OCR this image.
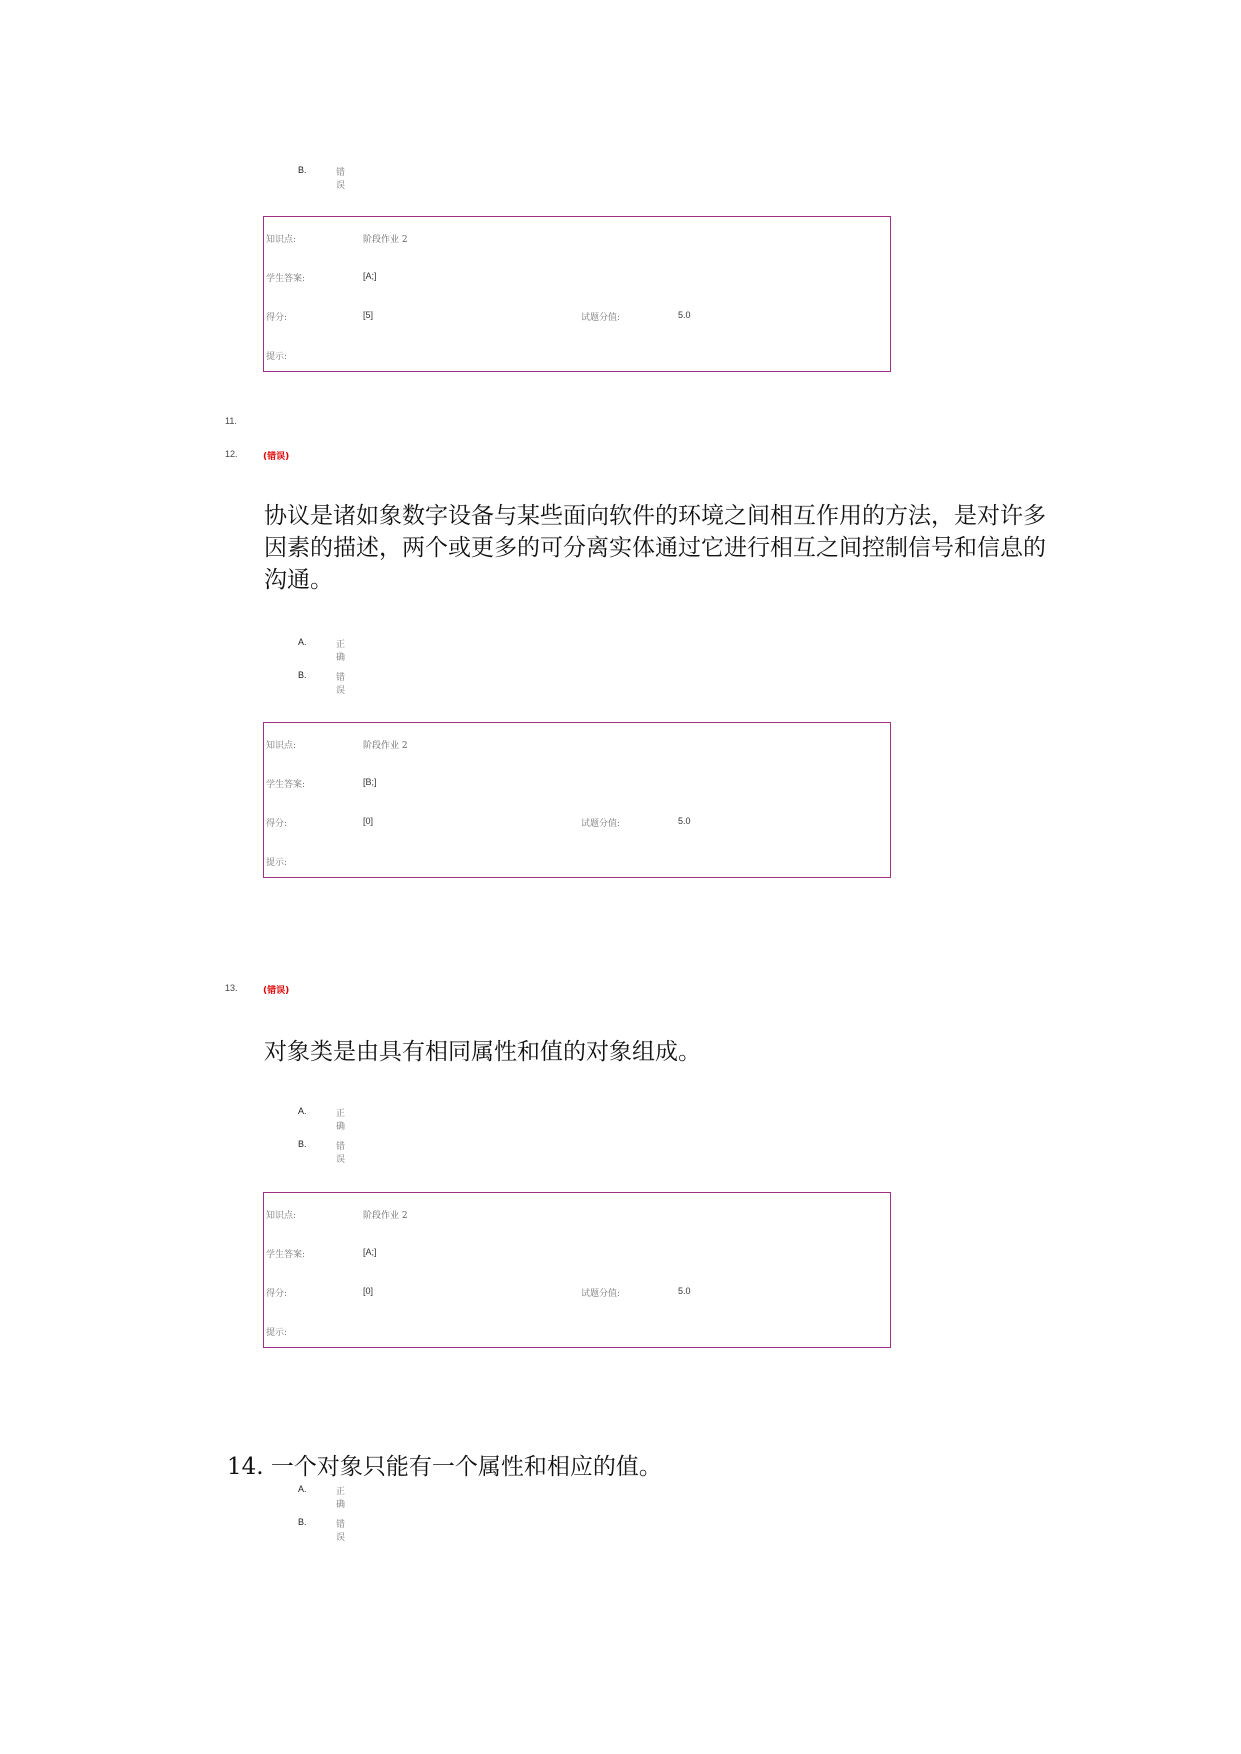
B.	错误
知识点:	阶段作业 2
学生答案:	[A;]
得分:	[5]	试题分值:	5.0
提示:
11.
12.	(错误)
协议是诸如象数字设备与某些面向软件的环境之间相互作用的方法，是对许多因素的描述，两个或更多的可分离实体通过它进行相互之间控制信号和信息的沟通。
A.	正确
B.	错误
知识点:	阶段作业 2
学生答案:	[B;]
得分:	[0]	试题分值:	5.0
提示:
13.	(错误)
对象类是由具有相同属性和值的对象组成。
A.	正确
B.	错误
知识点:	阶段作业 2
学生答案:	[A;]
得分:	[0]	试题分值:	5.0
提示:
14. 一个对象只能有一个属性和相应的值。
A.	正确
B.	错误
